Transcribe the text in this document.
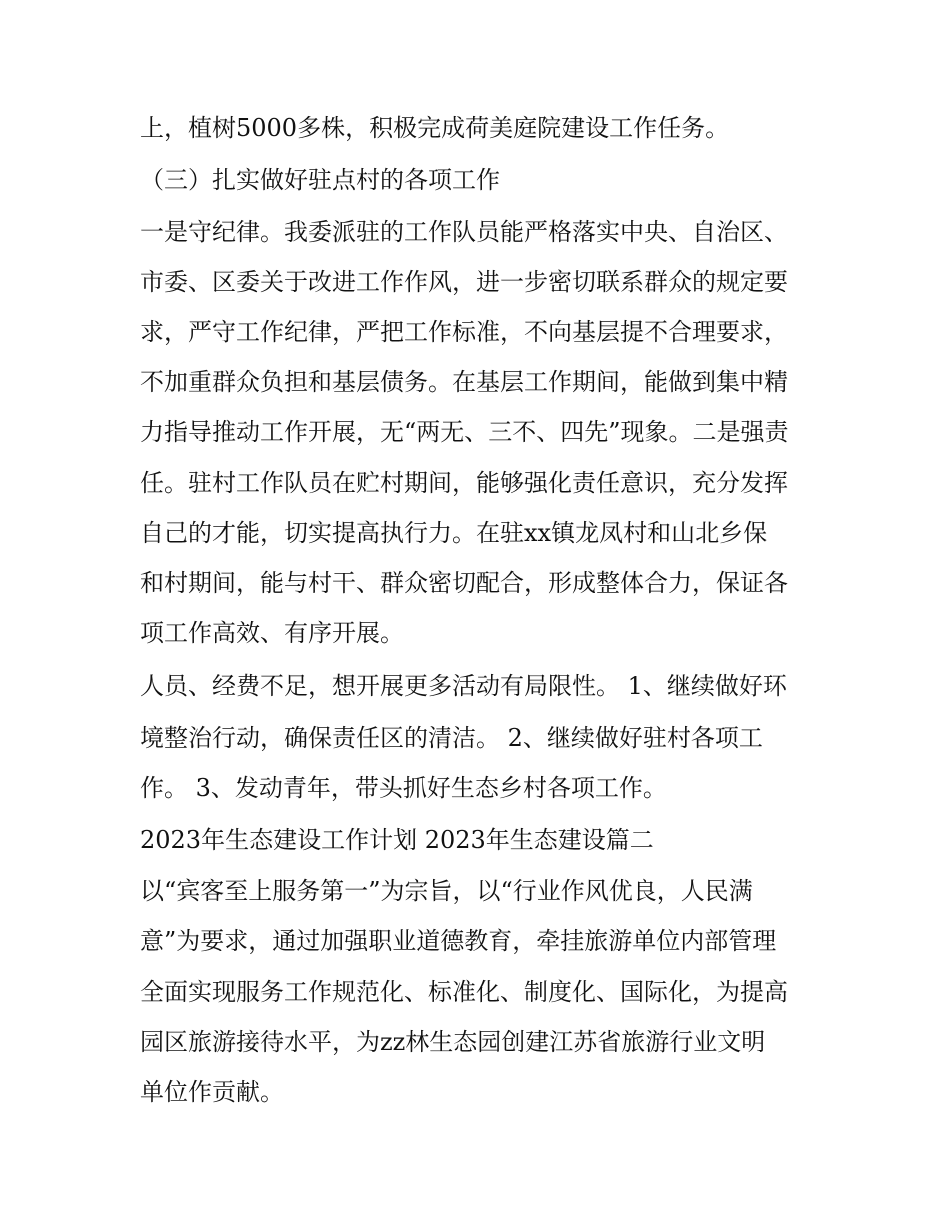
上，植树5000多株，积极完成荷美庭院建设工作任务。
（三）扎实做好驻点村的各项工作
一是守纪律。我委派驻的工作队员能严格落实中央、自治区、
市委、区委关于改进工作作风，进一步密切联系群众的规定要
求，严守工作纪律，严把工作标准，不向基层提不合理要求，
不加重群众负担和基层债务。在基层工作期间，能做到集中精
力指导推动工作开展，无“两无、三不、四先”现象。二是强责
任。驻村工作队员在贮村期间，能够强化责任意识，充分发挥
自己的才能，切实提高执行力。在驻xx镇龙凤村和山北乡保
和村期间，能与村干、群众密切配合，形成整体合力，保证各
项工作高效、有序开展。
人员、经费不足，想开展更多活动有局限性。 1、继续做好环
境整治行动，确保责任区的清洁。 2、继续做好驻村各项工
作。 3、发动青年，带头抓好生态乡村各项工作。
2023年生态建设工作计划 2023年生态建设篇二
以“宾客至上服务第一”为宗旨，以“行业作风优良，人民满
意”为要求，通过加强职业道德教育，牵挂旅游单位内部管理
全面实现服务工作规范化、标准化、制度化、国际化，为提高
园区旅游接待水平，为zz林生态园创建江苏省旅游行业文明
单位作贡献。
